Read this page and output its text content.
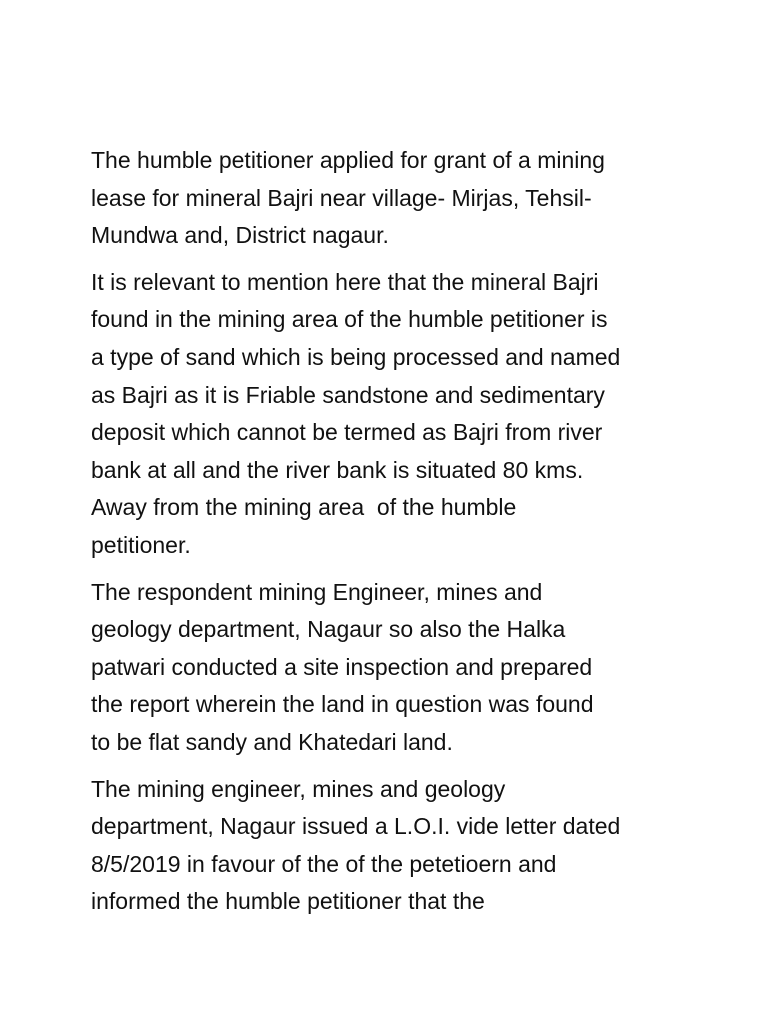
The humble petitioner applied for grant of a mining
lease for mineral Bajri near village- Mirjas, Tehsil-
Mundwa and, District nagaur.

It is relevant to mention here that the mineral Bajri
found in the mining area of the humble petitioner is
a type of sand which is being processed and named
as Bajri as it is Friable sandstone and sedimentary
deposit which cannot be termed as Bajri from river
bank at all and the river bank is situated 80 kms.
Away from the mining area  of the humble
petitioner.

The respondent mining Engineer, mines and
geology department, Nagaur so also the Halka
patwari conducted a site inspection and prepared
the report wherein the land in question was found
to be flat sandy and Khatedari land.

The mining engineer, mines and geology
department, Nagaur issued a L.O.I. vide letter dated
8/5/2019 in favour of the of the petetioern and
informed the humble petitioner that the
